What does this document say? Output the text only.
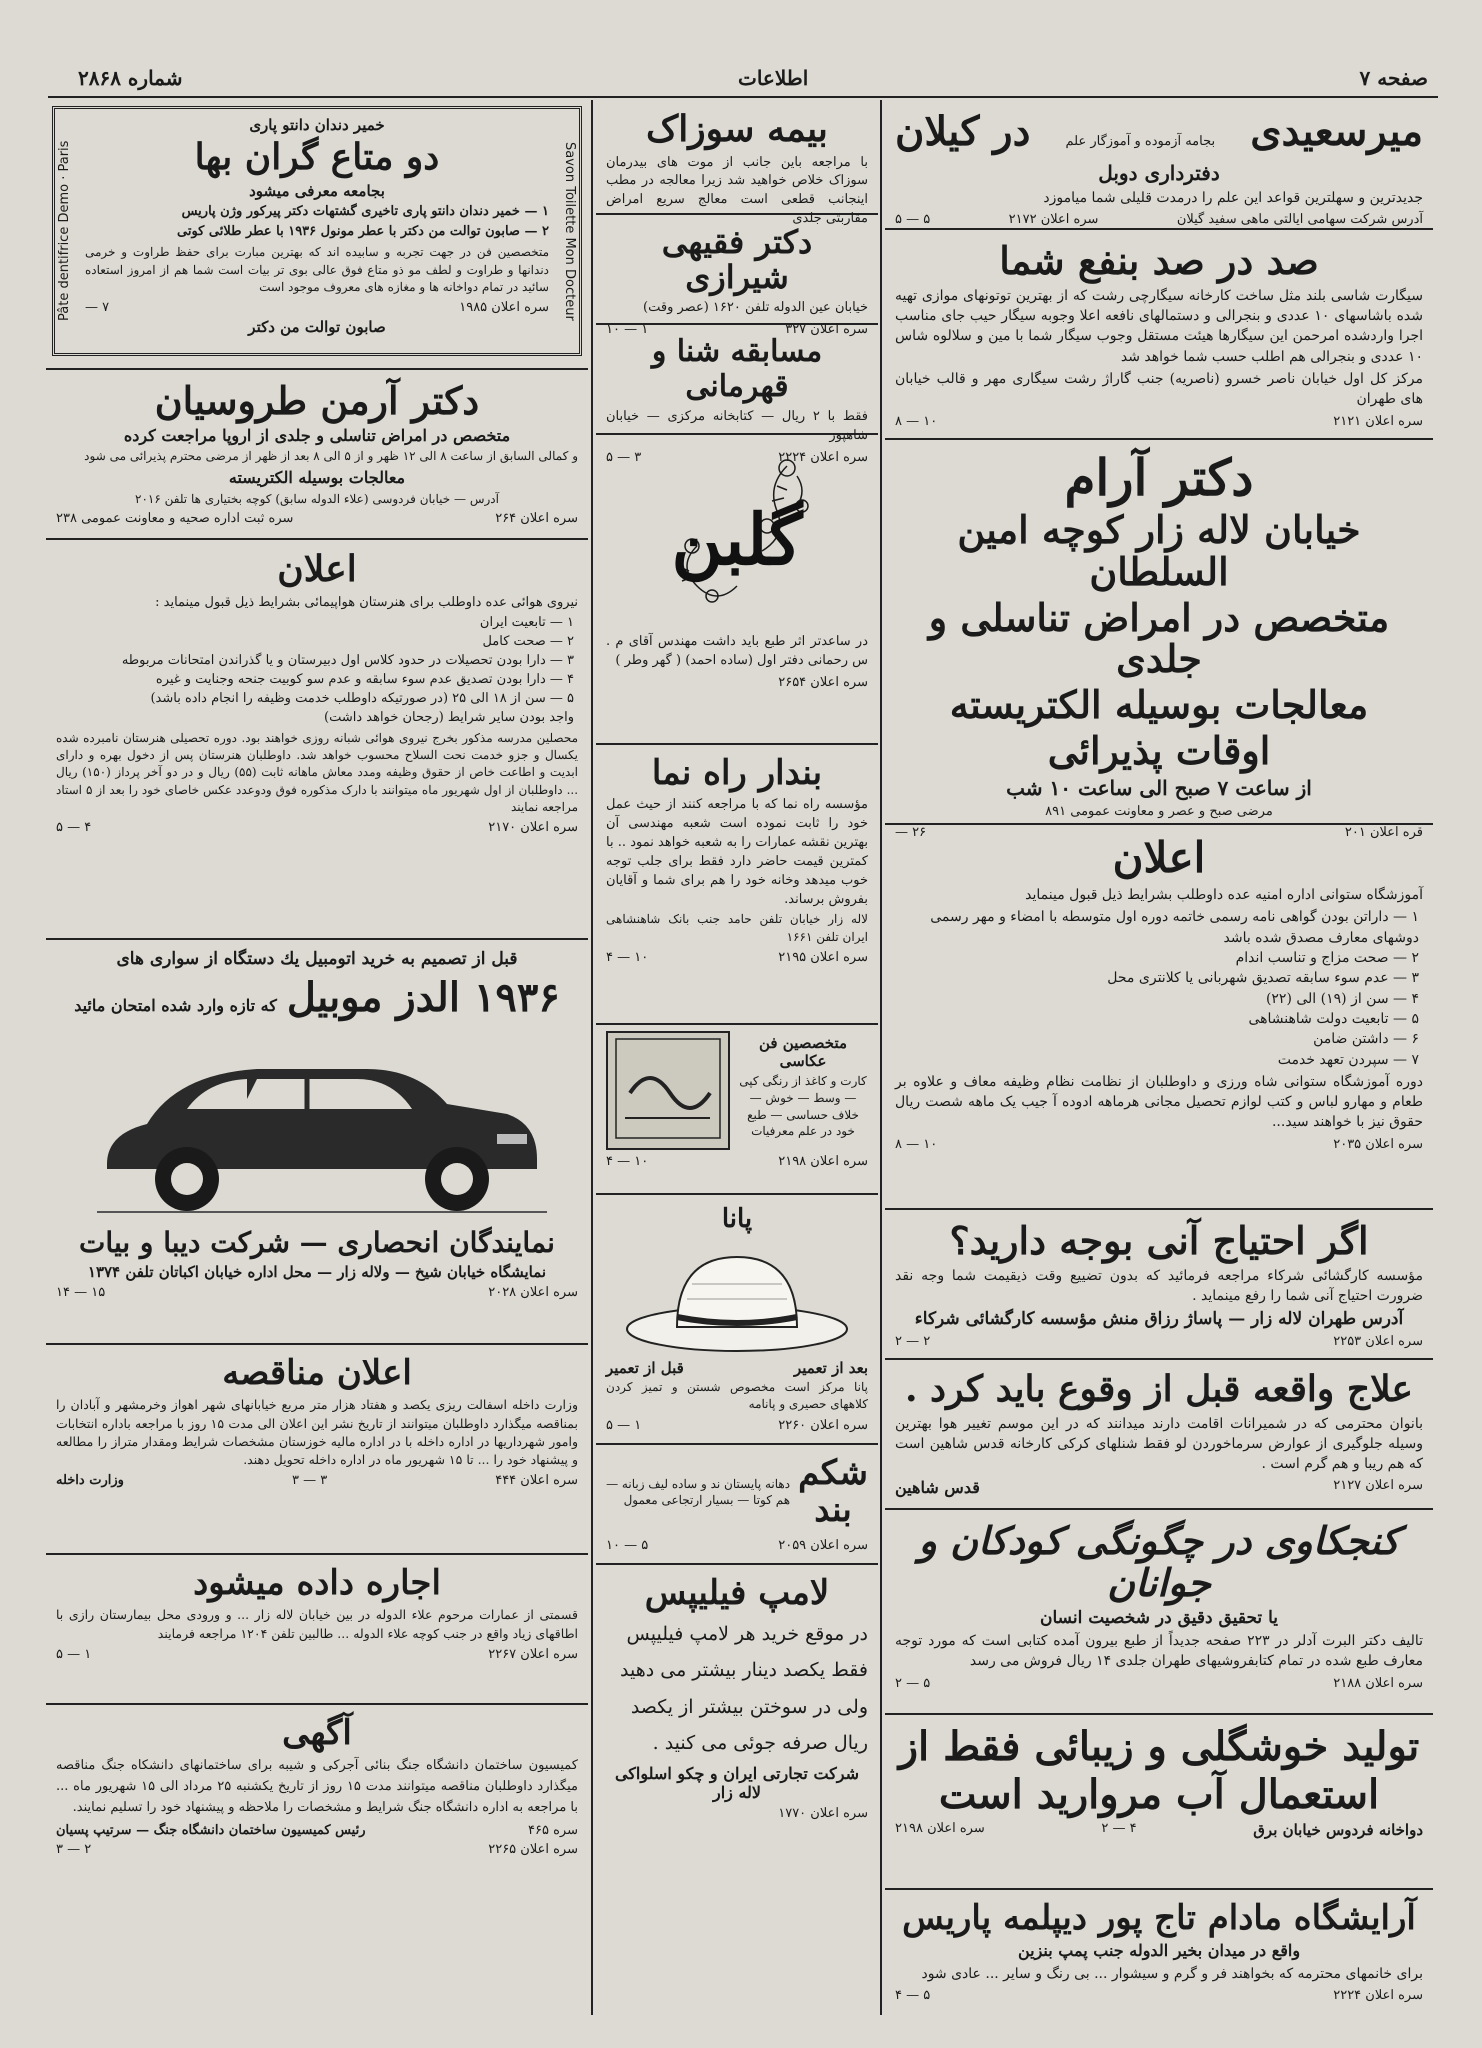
صفحه ۷
اطلاعات
شماره ۲۸۶۸
میرسعیدی
بجامه آزموده و آموزگار علم
در کیلان
دفترداری دوبل
جدیدترین و سهلترین قواعد این علم را درمدت قلیلی شما میاموزد
آدرس شرکت سهامی ایالتی ماهی سفید گیلان
سره اعلان ۲۱۷۲
۵ — ۵
صد در صد بنفع شما
سیگارت شاسی بلند مثل ساخت کارخانه سیگارچی رشت که از بهترین توتونهای موازی تهیه شده باشاسهای ۱۰ عددی و بنجرالی و دستمالهای نافعه اعلا وجوبه سیگار حیب جای مناسب اجرا واردشده امرحمن این سیگارها هیئت مستقل وجوب سیگار شما با مین و سلالوه شاس ۱۰ عددی و بنجرالی هم اطلب حسب شما خواهد شد
مرکز کل اول خیابان ناصر خسرو (ناصریه) جنب گاراژ رشت سیگاری مهر و قالب خیابان های طهران
سره اعلان ۲۱۲۱
۱۰ — ۸
دکتر آرام
خیابان لاله زار کوچه امین السلطان
متخصص در امراض تناسلی و جلدی
معالجات بوسیله الکتریسته
اوقات پذیرائی
از ساعت ۷ صبح الی ساعت ۱۰ شب
مرضی صبح و عصر و معاونت عمومی ۸۹۱
قره اعلان ۲۰۱
۲۶ —
اعلان
آموزشگاه ستوانی اداره امنیه عده داوطلب بشرایط ذیل قبول مینماید
۱ — داراتن بودن گواهی نامه رسمی خاتمه دوره اول متوسطه با امضاء و مهر رسمی دوشهای معارف مصدق شده باشد
۲ — صحت مزاج و تناسب اندام
۳ — عدم سوء سابقه تصدیق شهربانی یا کلانتری محل
۴ — سن از (۱۹) الی (۲۲)
۵ — تابعیت دولت شاهنشاهی
۶ — داشتن ضامن
۷ — سپردن تعهد خدمت
دوره آموزشگاه ستوانی شاه ورزی و داوطلبان از نظامت نظام وظیفه معاف و علاوه بر طعام و مهارو لباس و کتب لوازم تحصیل مجانی هرماهه ادوده آ جیب یک ماهه شصت ریال حقوق نیز با خواهند سید...
سره اعلان ۲۰۳۵
۱۰ — ۸
اگر احتیاج آنی بوجه دارید؟
مؤسسه کارگشائی شرکاء مراجعه فرمائید که بدون تضییع وقت ذیقیمت شما وجه نقد ضرورت احتیاج آنی شما را رفع مینماید .
آدرس طهران لاله زار — پاساژ رزاق منش مؤسسه کارگشائی شرکاء
سره اعلان ۲۲۵۳
۲ — ۲
علاج واقعه قبل از وقوع باید کرد .
بانوان محترمی که در شمیرانات اقامت دارند میدانند که در این موسم تغییر هوا بهترین وسیله جلوگیری از عوارض سرماخوردن لو فقط شنلهای کرکی کارخانه قدس شاهین است که هم ریبا و هم گرم است .
سره اعلان ۲۱۲۷
قدس شاهین
کنجکاوی در چگونگی کودکان و جوانان
یا تحقیق دقیق در شخصیت انسان
تالیف دکتر البرت آدلر در ۲۲۳ صفحه جدیداً از طبع بیرون آمده کتابی است که مورد توجه معارف طبع شده در تمام کتابفروشیهای طهران جلدی ۱۴ ریال فروش می رسد
سره اعلان ۲۱۸۸
۵ — ۲
تولید خوشگلی و زیبائی فقط از
استعمال آب مروارید است
دواخانه فردوس خیابان برق
۴ — ۲
سره اعلان ۲۱۹۸
آرایشگاه مادام تاج پور دیپلمه پاریس
واقع در میدان بخیر الدوله جنب پمپ بنزین
برای خانمهای محترمه که بخواهند فر و گرم و سیشوار ... بی رنگ و سایر ... عادی شود
سره اعلان ۲۲۲۴
۵ — ۴
بیمه سوزاک
با مراجعه باین جانب از موت های بیدرمان سوزاک خلاص خواهید شد زیرا معالجه در مطب اینجانب قطعی است معالج سریع امراض مقاربتی جلدی
دکتر فقیهی شیرازی
خیابان عین الدوله تلفن ۱۶۲۰ (عصر وقت)
سره اعلان ۳۲۷
۱ — ۱۰
مسابقه شنا و قهرمانی
فقط با ۲ ریال — کتابخانه مرکزی — خیابان شاهپور
سره اعلان ۲۲۲۴
۳ — ۵
گلبن
در ساعدتر اثر طبع باید داشت مهندس آقای م . س رحمانی دفتر اول (ساده احمد) ( گهر وطر )
سره اعلان ۲۶۵۴
بندار راه نما
مؤسسه راه نما که با مراجعه کنند از حیث عمل خود را ثابت نموده است شعبه مهندسی آن بهترین نقشه عمارات را به شعبه خواهد نمود .. با کمترین قیمت حاضر دارد فقط برای جلب توجه خوب میدهد وخانه خود را هم برای شما و آقایان بفروش برساند.
لاله زار خیابان تلفن حامد جنب بانک شاهنشاهی ایران تلفن ۱۶۶۱
سره اعلان ۲۱۹۵
۱۰ — ۴
متخصصین فن عکاسی
کارت و کاغذ از رنگی کپی — وسط — خوش — خلاف حساسی — طبع خود در علم معرفیات
سره اعلان ۲۱۹۸
۱۰ — ۴
پانا
بعد از تعمیر
قبل از تعمیر
پانا مرکز است مخصوص شستن و تمیز کردن کلاههای حصیری و پانامه
سره اعلان ۲۲۶۰
۱ — ۵
شکم بند
دهانه پایستان ند و ساده لیف زبانه — هم کوتا — بسیار ارتجاعی معمول
سره اعلان ۲۰۵۹
۵ — ۱۰
لامپ فیلیپس
در موقع خرید هر لامپ فیلیپس فقط یکصد دینار بیشتر می دهید ولی در سوختن بیشتر از یکصد ریال صرفه جوئی می کنید .
شرکت تجارتی ایران و چکو اسلواکی لاله زار
سره اعلان ۱۷۷۰
Savon Toilette Mon Docteur
Pâte dentifrice Demo · Paris
خمیر دندان دانتو پاری
دو متاع گران بها
بجامعه معرفی میشود
۱ — خمیر دندان دانتو پاری تاخیری گشتهات دکتر پیرکور وژن پاریس
۲ — صابون توالت من دکتر با عطر مونول ۱۹۳۶ با عطر طلائی کوتی
متخصصین فن در جهت تجربه و سابیده اند که بهترین مبارت برای حفظ طراوت و خرمی دندانها و طراوت و لطف مو ذو متاع فوق عالی بوی تر بیات است شما هم از امروز استعاده سائید در تمام دواخانه ها و مغازه های معروف موجود است
سره اعلان ۱۹۸۵
۷ —
صابون توالت من دکتر
دکتر آرمن طروسیان
متخصص در امراض تناسلی و جلدی از اروپا مراجعت کرده
و کمالی السابق از ساعت ۸ الی ۱۲ ظهر و از ۵ الی ۸ بعد از ظهر از مرضی محترم پذیرائی می شود
معالجات بوسیله الکتریسته
آدرس — خیابان فردوسی (علاء الدوله سابق) کوچه بختیاری ها تلفن ۲۰۱۶
سره اعلان ۲۶۴
سره ثبت اداره صحیه و معاونت عمومی ۲۳۸
اعلان
نیروی هوائی عده داوطلب برای هنرستان هواپیمائی بشرایط ذیل قبول مینماید :
۱ — تابعیت ایران
۲ — صحت کامل
۳ — دارا بودن تحصیلات در حدود کلاس اول دبیرستان و یا گذراندن امتحانات مربوطه
۴ — دارا بودن تصدیق عدم سوء سابقه و عدم سو کوبیت جنحه وجنایت و غیره
۵ — سن از ۱۸ الی ۲۵ (در صورتیکه داوطلب خدمت وظیفه را انجام داده باشد)
واجد بودن سایر شرایط (رجحان خواهد داشت)
محصلین مدرسه مذکور بخرج نیروی هوائی شبانه روزی خواهند بود. دوره تحصیلی هنرستان نامبرده شده یکسال و جزو خدمت نحت السلاح محسوب خواهد شد. داوطلبان هنرستان پس از دخول بهره و دارای ابدیت و اطاعت خاص از حقوق وظیفه ومدد معاش ماهانه ثابت (۵۵) ریال و در دو آخر پرداز (۱۵۰) ریال ... داوطلبان از اول شهریور ماه میتوانند با دارک مذکوره فوق ودوعدد عکس خاصای خود را بعد از ۵ استاد مراجعه نمایند
سره اعلان ۲۱۷۰
۴ — ۵
قبل از تصمیم به خرید اتومبیل یك دستگاه از سواری های
۱۹۳۶ الدز موبیل
که تازه وارد شده امتحان مائید
نمایندگان انحصاری — شرکت دیبا و بیات
نمایشگاه خیابان شیخ — ولاله زار — محل اداره خیابان اکباتان تلفن ۱۳۷۴
سره اعلان ۲۰۲۸
۱۵ — ۱۴
اعلان مناقصه
وزارت داخله اسفالت ریزی یکصد و هفتاد هزار متر مربع خیابانهای شهر اهواز وخرمشهر و آبادان را بمناقصه میگذارد داوطلبان میتوانند از تاریخ نشر این اعلان الی مدت ۱۵ روز با مراجعه باداره انتخابات وامور شهرداریها در اداره داخله با در اداره مالیه خوزستان مشخصات شرایط ومقدار متراز را مطالعه و پیشنهاد خود را ... تا ۱۵ شهریور ماه در اداره داخله تحویل دهند.
سره اعلان ۴۴۴
۳ — ۳
وزارت داخله
اجاره داده میشود
قسمتی از عمارات مرحوم علاء الدوله در بین خیابان لاله زار ... و ورودی محل بیمارستان رازی با اطاقهای زیاد واقع در جنب کوچه علاء الدوله ... طالبین تلفن ۱۲۰۴ مراجعه فرمایند
سره اعلان ۲۲۶۷
۱ — ۵
آگهی
کمیسیون ساختمان دانشگاه جنگ بنائی آجرکی و شیبه برای ساختمانهای دانشکاه جنگ مناقصه میگذارد داوطلبان مناقصه میتوانند مدت ۱۵ روز از تاریخ یکشنبه ۲۵ مرداد الی ۱۵ شهریور ماه ... با مراجعه به اداره دانشگاه جنگ شرایط و مشخصات را ملاحظه و پیشنهاد خود را تسلیم نمایند.
سره ۴۶۵
رئیس کمیسیون ساختمان دانشگاه جنگ — سرتیپ پسیان
سره اعلان ۲۲۶۵
۲ — ۳
